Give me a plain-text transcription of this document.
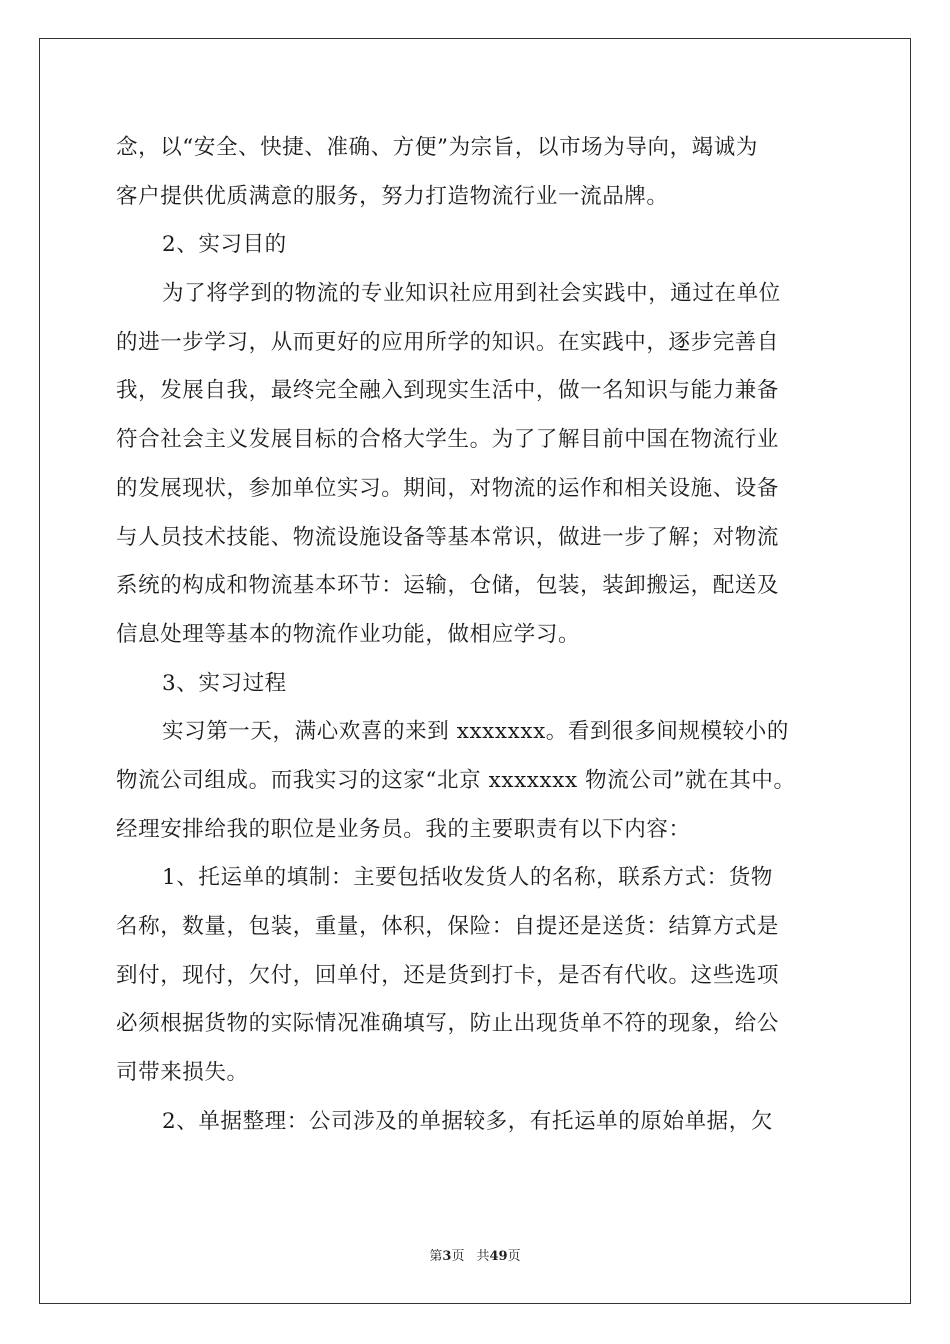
念，以“安全、快捷、准确、方便”为宗旨，以市场为导向，竭诚为
客户提供优质满意的服务，努力打造物流行业一流品牌。
2、实习目的
为了将学到的物流的专业知识社应用到社会实践中，通过在单位
的进一步学习，从而更好的应用所学的知识。在实践中，逐步完善自
我，发展自我，最终完全融入到现实生活中，做一名知识与能力兼备
符合社会主义发展目标的合格大学生。为了了解目前中国在物流行业
的发展现状，参加单位实习。期间，对物流的运作和相关设施、设备
与人员技术技能、物流设施设备等基本常识，做进一步了解；对物流
系统的构成和物流基本环节：运输，仓储，包装，装卸搬运，配送及
信息处理等基本的物流作业功能，做相应学习。
3、实习过程
实习第一天，满心欢喜的来到 xxxxxxx。看到很多间规模较小的
物流公司组成。而我实习的这家“北京 xxxxxxx 物流公司”就在其中。
经理安排给我的职位是业务员。我的主要职责有以下内容：
1、托运单的填制：主要包括收发货人的名称，联系方式：货物
名称，数量，包装，重量，体积，保险：自提还是送货：结算方式是
到付，现付，欠付，回单付，还是货到打卡，是否有代收。这些选项
必须根据货物的实际情况准确填写，防止出现货单不符的现象，给公
司带来损失。
2、单据整理：公司涉及的单据较多，有托运单的原始单据，欠
第3页 共49页
